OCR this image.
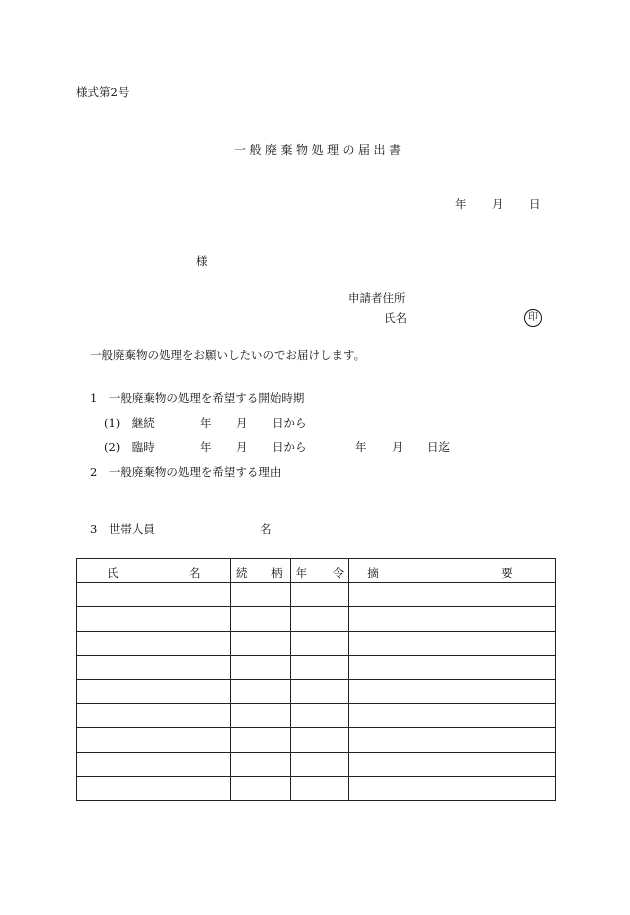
様式第2号
一般廃棄物処理の届出書
年 月 日
様
申請者住所
氏名	印
一般廃棄物の処理をお願いしたいのでお届けします。
1　一般廃棄物の処理を希望する開始時期
(1)　継続	年 月 日から
(2)　臨時	年 月 日から	年 月 日迄
2　一般廃棄物の処理を希望する理由
3　世帯人員	名
氏 名	続 柄	年 令	摘 要
